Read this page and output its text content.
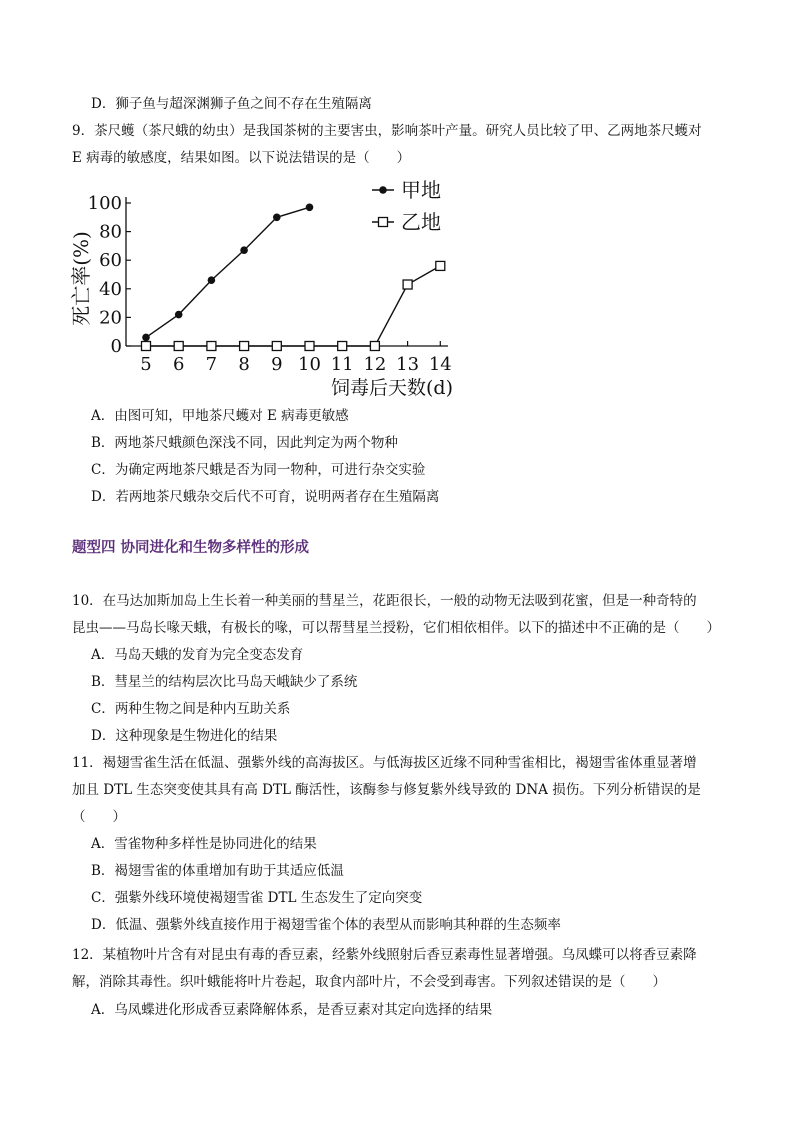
D．狮子鱼与超深渊狮子鱼之间不存在生殖隔离
9．茶尺蠖（茶尺蛾的幼虫）是我国茶树的主要害虫，影响茶叶产量。研究人员比较了甲、乙两地茶尺蠖对
E 病毒的敏感度，结果如图。以下说法错误的是（　　）
0
20
40
60
80
100
5 6 7 8 9 10 11 12 13 14
死亡率(%)
饲毒后天数(d)
甲地
乙地
A．由图可知，甲地茶尺蠖对 E 病毒更敏感
B．两地茶尺蛾颜色深浅不同，因此判定为两个物种
C．为确定两地茶尺蛾是否为同一物种，可进行杂交实验
D．若两地茶尺蛾杂交后代不可育，说明两者存在生殖隔离
题型四 协同进化和生物多样性的形成
10．在马达加斯加岛上生长着一种美丽的彗星兰，花距很长，一般的动物无法吸到花蜜，但是一种奇特的
昆虫——马岛长喙天蛾，有极长的喙，可以帮彗星兰授粉，它们相依相伴。以下的描述中不正确的是（　　）
A．马岛天蛾的发育为完全变态发育
B．彗星兰的结构层次比马岛天峨缺少了系统
C．两种生物之间是种内互助关系
D．这种现象是生物进化的结果
11．褐翅雪雀生活在低温、强紫外线的高海拔区。与低海拔区近缘不同种雪雀相比，褐翅雪雀体重显著增
加且 DTL 生态突变使其具有高 DTL 酶活性，该酶参与修复紫外线导致的 DNA 损伤。下列分析错误的是
（　　）
A．雪雀物种多样性是协同进化的结果
B．褐翅雪雀的体重增加有助于其适应低温
C．强紫外线环境使褐翅雪雀 DTL 生态发生了定向突变
D．低温、强紫外线直接作用于褐翅雪雀个体的表型从而影响其种群的生态频率
12．某植物叶片含有对昆虫有毒的香豆素，经紫外线照射后香豆素毒性显著增强。乌凤蝶可以将香豆素降
解，消除其毒性。织叶蛾能将叶片卷起，取食内部叶片，不会受到毒害。下列叙述错误的是（　　）
A．乌凤蝶进化形成香豆素降解体系，是香豆素对其定向选择的结果
